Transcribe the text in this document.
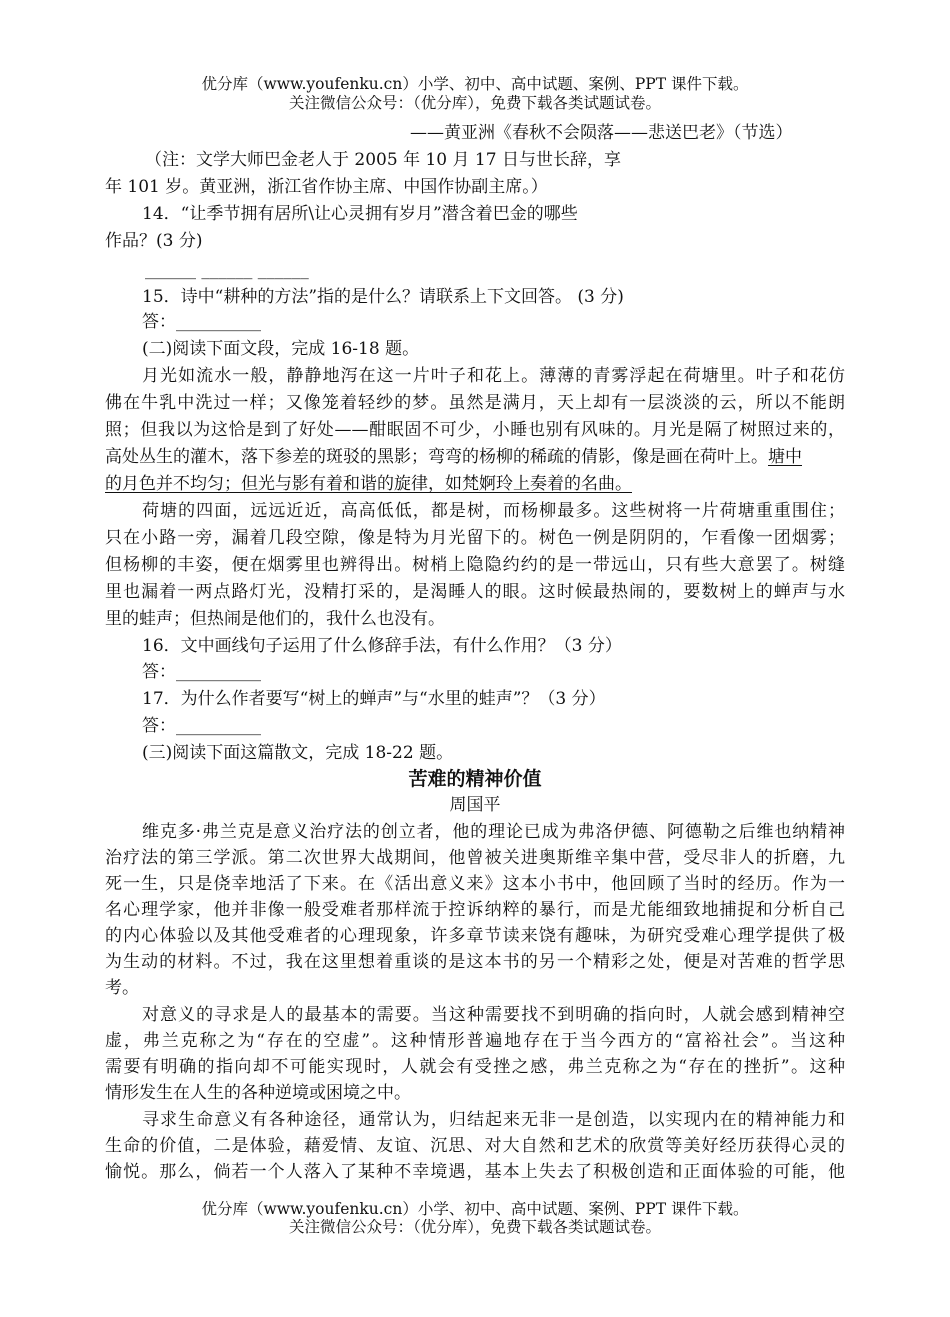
优分库（www.youfenku.cn）小学、初中、高中试题、案例、PPT 课件下载。
关注微信公众号：（优分库），免费下载各类试题试卷。
——黄亚洲《春秋不会陨落——悲送巴老》（节选）
（注：文学大师巴金老人于 2005 年 10 月 17 日与世长辞，享
年 101 岁。黄亚洲，浙江省作协主席、中国作协副主席。）
14．“让季节拥有居所\让心灵拥有岁月”潜含着巴金的哪些
作品？(3 分)
______ ______ ______
15．诗中“耕种的方法”指的是什么？请联系上下文回答。 (3 分)
答：__________
(二)阅读下面文段，完成 16-18 题。
月光如流水一般，静静地泻在这一片叶子和花上。薄薄的青雾浮起在荷塘里。叶子和花仿
佛在牛乳中洗过一样；又像笼着轻纱的梦。虽然是满月，天上却有一层淡淡的云，所以不能朗
照；但我以为这恰是到了好处——酣眠固不可少，小睡也别有风味的。月光是隔了树照过来的，
高处丛生的灌木，落下参差的斑驳的黑影；弯弯的杨柳的稀疏的倩影，像是画在荷叶上。塘中
的月色并不均匀；但光与影有着和谐的旋律，如梵婀玲上奏着的名曲。
荷塘的四面，远远近近，高高低低，都是树，而杨柳最多。这些树将一片荷塘重重围住；
只在小路一旁，漏着几段空隙，像是特为月光留下的。树色一例是阴阴的，乍看像一团烟雾；
但杨柳的丰姿，便在烟雾里也辨得出。树梢上隐隐约约的是一带远山，只有些大意罢了。树缝
里也漏着一两点路灯光，没精打采的，是渴睡人的眼。这时候最热闹的，要数树上的蝉声与水
里的蛙声；但热闹是他们的，我什么也没有。
16．文中画线句子运用了什么修辞手法，有什么作用？（3 分）
答：__________
17．为什么作者要写“树上的蝉声”与“水里的蛙声”？（3 分）
答：__________
(三)阅读下面这篇散文，完成 18-22 题。
苦难的精神价值
周国平
维克多·弗兰克是意义治疗法的创立者，他的理论已成为弗洛伊德、阿德勒之后维也纳精神
治疗法的第三学派。第二次世界大战期间，他曾被关进奥斯维辛集中营，受尽非人的折磨，九
死一生，只是侥幸地活了下来。在《活出意义来》这本小书中，他回顾了当时的经历。作为一
名心理学家，他并非像一般受难者那样流于控诉纳粹的暴行，而是尤能细致地捕捉和分析自己
的内心体验以及其他受难者的心理现象，许多章节读来饶有趣味，为研究受难心理学提供了极
为生动的材料。不过，我在这里想着重谈的是这本书的另一个精彩之处，便是对苦难的哲学思
考。
对意义的寻求是人的最基本的需要。当这种需要找不到明确的指向时，人就会感到精神空
虚，弗兰克称之为“存在的空虚”。这种情形普遍地存在于当今西方的“富裕社会”。当这种
需要有明确的指向却不可能实现时，人就会有受挫之感，弗兰克称之为“存在的挫折”。这种
情形发生在人生的各种逆境或困境之中。
寻求生命意义有各种途径，通常认为，归结起来无非一是创造，以实现内在的精神能力和
生命的价值，二是体验，藉爱情、友谊、沉思、对大自然和艺术的欣赏等美好经历获得心灵的
愉悦。那么，倘若一个人落入了某种不幸境遇，基本上失去了积极创造和正面体验的可能，他
优分库（www.youfenku.cn）小学、初中、高中试题、案例、PPT 课件下载。
关注微信公众号：（优分库），免费下载各类试题试卷。
